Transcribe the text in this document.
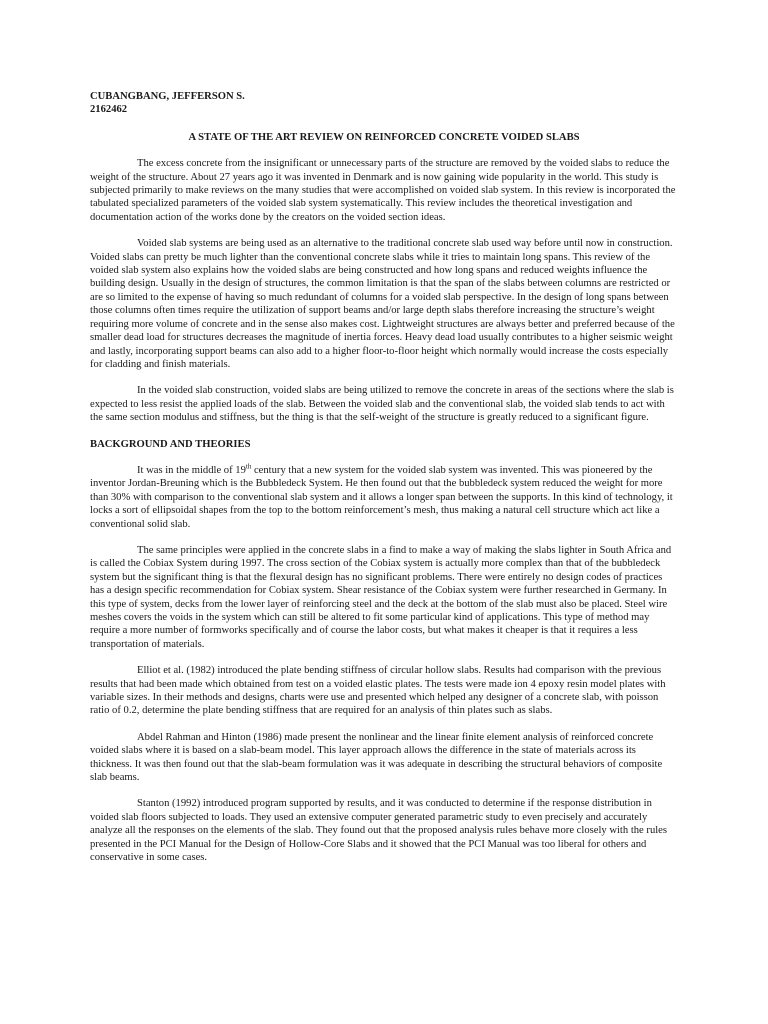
CUBANGBANG, JEFFERSON S.

2162462

A STATE OF THE ART REVIEW ON REINFORCED CONCRETE VOIDED SLABS

The excess concrete from the insignificant or unnecessary parts of the structure are removed by the voided slabs to reduce the weight of the structure. About 27 years ago it was invented in Denmark and is now gaining wide popularity in the world. This study is subjected primarily to make reviews on the many studies that were accomplished on voided slab system. In this review is incorporated the tabulated specialized parameters of the voided slab system systematically. This review includes the theoretical investigation and documentation action of the works done by the creators on the voided section ideas.

Voided slab systems are being used as an alternative to the traditional concrete slab used way before until now in construction. Voided slabs can pretty be much lighter than the conventional concrete slabs while it tries to maintain long spans. This review of the voided slab system also explains how the voided slabs are being constructed and how long spans and reduced weights influence the building design. Usually in the design of structures, the common limitation is that the span of the slabs between columns are restricted or are so limited to the expense of having so much redundant of columns for a voided slab perspective. In the design of long spans between those columns often times require the utilization of support beams and/or large depth slabs therefore increasing the structure’s weight requiring more volume of concrete and in the sense also makes cost. Lightweight structures are always better and preferred because of the smaller dead load for structures decreases the magnitude of inertia forces. Heavy dead load usually contributes to a higher seismic weight and lastly, incorporating support beams can also add to a higher floor-to-floor height which normally would increase the costs especially for cladding and finish materials.

In the voided slab construction, voided slabs are being utilized to remove the concrete in areas of the sections where the slab is expected to less resist the applied loads of the slab. Between the voided slab and the conventional slab, the voided slab tends to act with the same section modulus and stiffness, but the thing is that the self-weight of the structure is greatly reduced to a significant figure.

BACKGROUND AND THEORIES

It was in the middle of 19th century that a new system for the voided slab system was invented. This was pioneered by the inventor Jordan-Breuning which is the Bubbledeck System. He then found out that the bubbledeck system reduced the weight for more than 30% with comparison to the conventional slab system and it allows a longer span between the supports. In this kind of technology, it locks a sort of ellipsoidal shapes from the top to the bottom reinforcement’s mesh, thus making a natural cell structure which act like a conventional solid slab.

The same principles were applied in the concrete slabs in a find to make a way of making the slabs lighter in South Africa and is called the Cobiax System during 1997. The cross section of the Cobiax system is actually more complex than that of the bubbledeck system but the significant thing is that the flexural design has no significant problems. There were entirely no design codes of practices has a design specific recommendation for Cobiax system. Shear resistance of the Cobiax system were further researched in Germany. In this type of system, decks from the lower layer of reinforcing steel and the deck at the bottom of the slab must also be placed. Steel wire meshes covers the voids in the system which can still be altered to fit some particular kind of applications. This type of method may require a more number of formworks specifically and of course the labor costs, but what makes it cheaper is that it requires a less transportation of materials.

Elliot et al. (1982) introduced the plate bending stiffness of circular hollow slabs. Results had comparison with the previous results that had been made which obtained from test on a voided elastic plates. The tests were made ion 4 epoxy resin model plates with variable sizes. In their methods and designs, charts were use and presented which helped any designer of a concrete slab, with poisson ratio of 0.2, determine the plate bending stiffness that are required for an analysis of thin plates such as slabs.

Abdel Rahman and Hinton (1986) made present the nonlinear and the linear finite element analysis of reinforced concrete voided slabs where it is based on a slab-beam model. This layer approach allows the difference in the state of materials across its thickness. It was then found out that the slab-beam formulation was it was adequate in describing the structural behaviors of composite slab beams.

Stanton (1992) introduced program supported by results, and it was conducted to determine if the response distribution in voided slab floors subjected to loads. They used an extensive computer generated parametric study to even precisely and accurately analyze all the responses on the elements of the slab. They found out that the proposed analysis rules behave more closely with the rules presented in the PCI Manual for the Design of Hollow-Core Slabs and it showed that the PCI Manual was too liberal for others and conservative in some cases.
